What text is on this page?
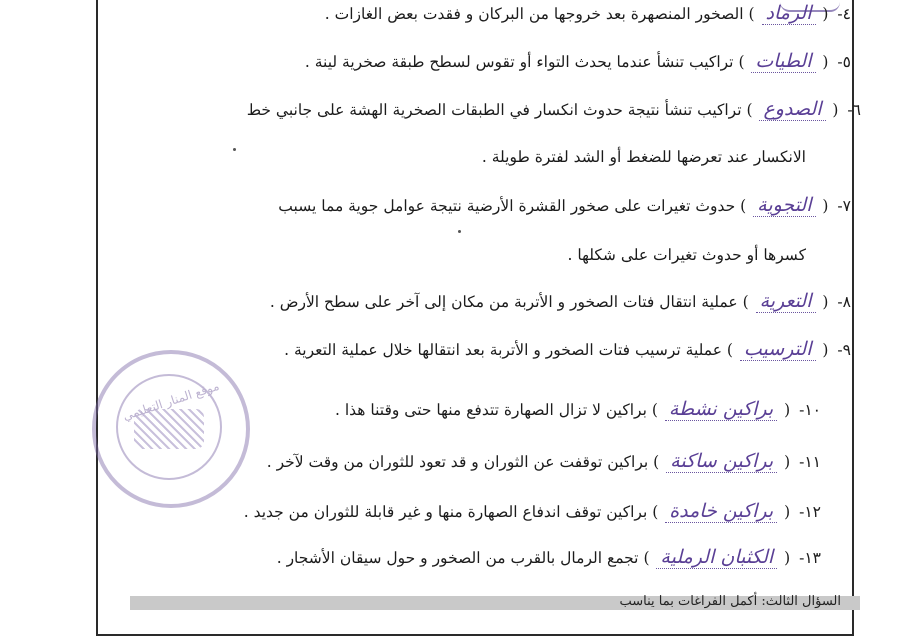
٤- ( الرماد ) الصخور المنصهرة بعد خروجها من البركان و فقدت بعض الغازات .
٥- ( الطيات ) تراكيب تنشأ عندما يحدث التواء أو تقوس لسطح طبقة صخرية لينة .
٦- ( الصدوع ) تراكيب تنشأ نتيجة حدوث انكسار في الطبقات الصخرية الهشة على جانبي خط
الانكسار عند تعرضها للضغط أو الشد لفترة طويلة .
٧- ( التجوية ) حدوث تغيرات على صخور القشرة الأرضية نتيجة عوامل جوية مما يسبب
كسرها أو حدوث تغيرات على شكلها .
٨- ( التعرية ) عملية انتقال فتات الصخور و الأتربة من مكان إلى آخر على سطح الأرض .
٩- ( الترسيب ) عملية ترسيب فتات الصخور و الأتربة بعد انتقالها خلال عملية التعرية .
١٠- ( براكين نشطة ) براكين لا تزال الصهارة تتدفع منها حتى وقتنا هذا .
١١- ( براكين ساكنة ) براكين توقفت عن الثوران و قد تعود للثوران من وقت لآخر .
١٢- ( براكين خامدة ) براكين توقف اندفاع الصهارة منها و غير قابلة للثوران من جديد .
١٣- ( الكثبان الرملية ) تجمع الرمال بالقرب من الصخور و حول سيقان الأشجار .
موقع المنار التعليمي
السؤال الثالث: أكمل الفراغات بما يناسب
